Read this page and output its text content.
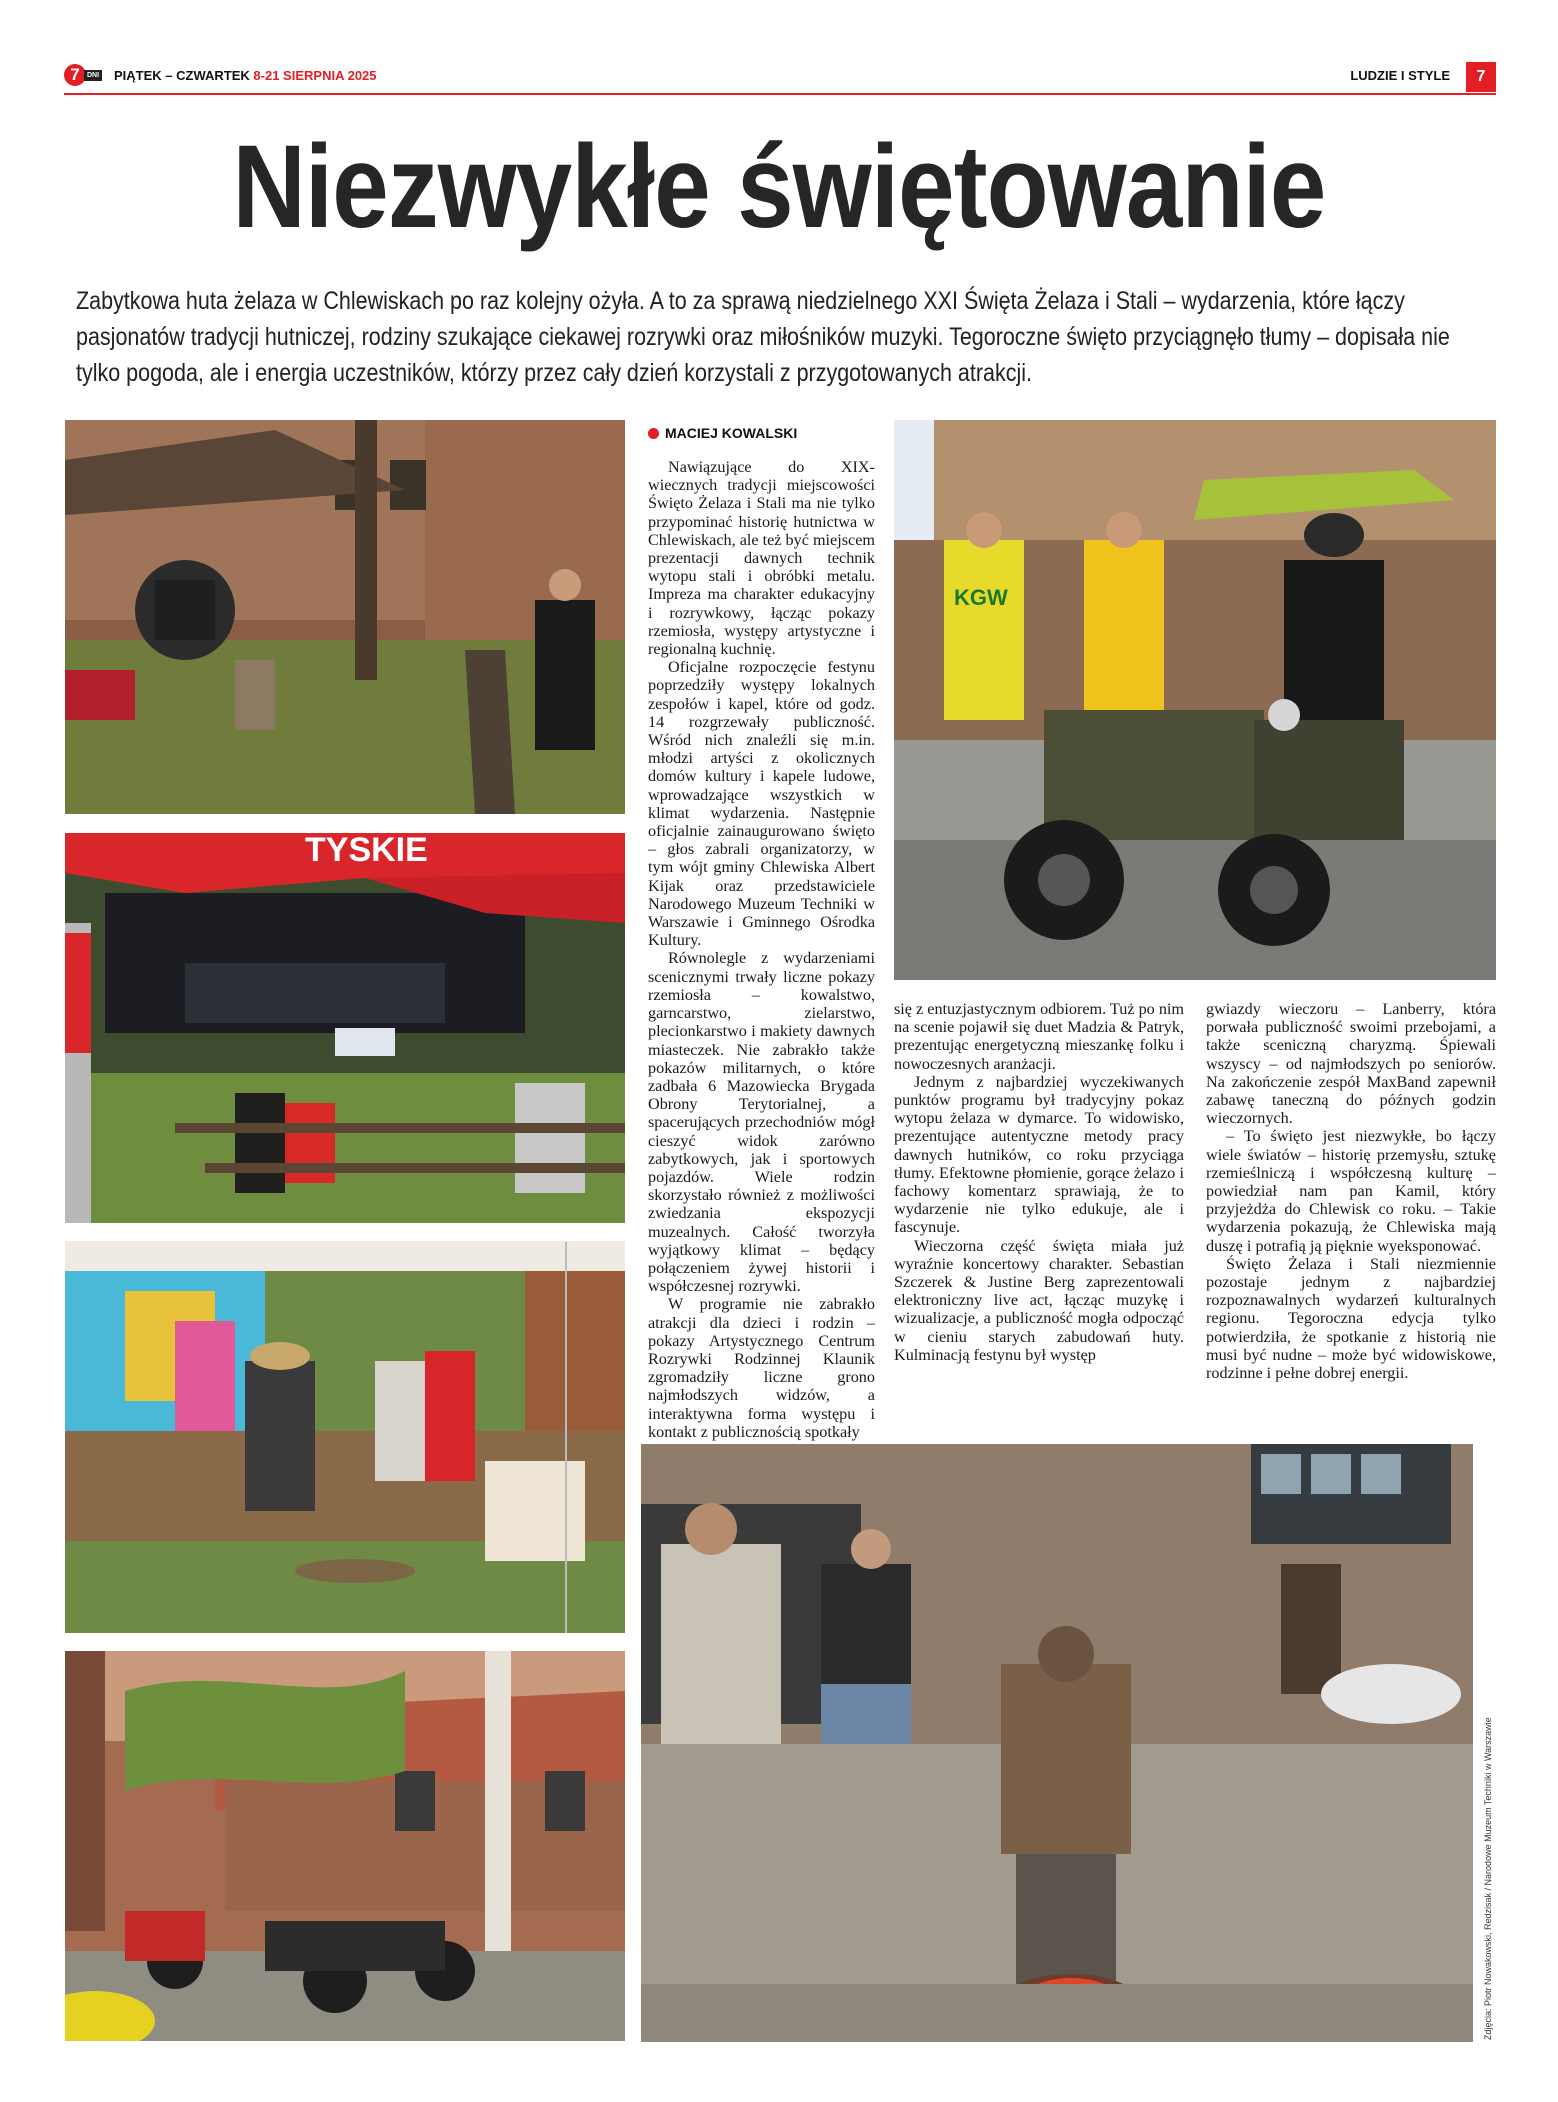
7	DNI PIĄTEK – CZWARTEK 8-21 SIERPNIA 2025	LUDZIE I STYLE	7
Niezwykłe świętowanie
Zabytkowa huta żelaza w Chlewiskach po raz kolejny ożyła. A to za sprawą niedzielnego XXI Święta Żelaza i Stali – wydarzenia, które łączy pasjonatów tradycji hutniczej, rodziny szukające ciekawej rozrywki oraz miłośników muzyki. Tegoroczne święto przyciągnęło tłumy – dopisała nie tylko pogoda, ale i energia uczestników, którzy przez cały dzień korzystali z przygotowanych atrakcji.
TYSKIE
KGW
MACIEJ KOWALSKI

Nawiązujące do XIX-wiecznych tradycji miejscowości Święto Żelaza i Stali ma nie tylko przypominać historię hutnictwa w Chlewiskach, ale też być miejscem prezentacji dawnych technik wytopu stali i obróbki metalu. Impreza ma charakter edukacyjny i rozrywkowy, łącząc pokazy rzemiosła, występy artystyczne i regionalną kuchnię.

Oficjalne rozpoczęcie festynu poprzedziły występy lokalnych zespołów i kapel, które od godz. 14 rozgrzewały publiczność. Wśród nich znaleźli się m.in. młodzi artyści z okolicznych domów kultury i kapele ludowe, wprowadzające wszystkich w klimat wydarzenia. Następnie oficjalnie zainaugurowano święto – głos zabrali organizatorzy, w tym wójt gminy Chlewiska Albert Kijak oraz przedstawiciele Narodowego Muzeum Techniki w Warszawie i Gminnego Ośrodka Kultury.

Równolegle z wydarzeniami scenicznymi trwały liczne pokazy rzemiosła – kowalstwo, garncarstwo, zielarstwo, plecionkarstwo i makiety dawnych miasteczek. Nie zabrakło także pokazów militarnych, o które zadbała 6 Mazowiecka Brygada Obrony Terytorialnej, a spacerujących przechodniów mógł cieszyć widok zarówno zabytkowych, jak i sportowych pojazdów. Wiele rodzin skorzystało również z możliwości zwiedzania ekspozycji muzealnych. Całość tworzyła wyjątkowy klimat – będący połączeniem żywej historii i współczesnej rozrywki.

W programie nie zabrakło atrakcji dla dzieci i rodzin – pokazy Artystycznego Centrum Rozrywki Rodzinnej Klaunik zgromadziły liczne grono najmłodszych widzów, a interaktywna forma występu i kontakt z publicznością spotkały

się z entuzjastycznym odbiorem. Tuż po nim na scenie pojawił się duet Madzia & Patryk, prezentując energetyczną mieszankę folku i nowoczesnych aranżacji.

Jednym z najbardziej wyczekiwanych punktów programu był tradycyjny pokaz wytopu żelaza w dymarce. To widowisko, prezentujące autentyczne metody pracy dawnych hutników, co roku przyciąga tłumy. Efektowne płomienie, gorące żelazo i fachowy komentarz sprawiają, że to wydarzenie nie tylko edukuje, ale i fascynuje.

Wieczorna część święta miała już wyraźnie koncertowy charakter. Sebastian Szczerek & Justine Berg zaprezentowali elektroniczny live act, łącząc muzykę i wizualizacje, a publiczność mogła odpocząć w cieniu starych zabudowań huty. Kulminacją festynu był występ

gwiazdy wieczoru – Lanberry, która porwała publiczność swoimi przebojami, a także sceniczną charyzmą. Śpiewali wszyscy – od najmłodszych po seniorów. Na zakończenie zespół MaxBand zapewnił zabawę taneczną do późnych godzin wieczornych.

– To święto jest niezwykłe, bo łączy wiele światów – historię przemysłu, sztukę rzemieślniczą i współczesną kulturę – powiedział nam pan Kamil, który przyjeżdża do Chlewisk co roku. – Takie wydarzenia pokazują, że Chlewiska mają duszę i potrafią ją pięknie wyeksponować.

Święto Żelaza i Stali niezmiennie pozostaje jednym z najbardziej rozpoznawalnych wydarzeń kulturalnych regionu. Tegoroczna edycja tylko potwierdziła, że spotkanie z historią nie musi być nudne – może być widowiskowe, rodzinne i pełne dobrej energii.

Zdjęcia: Piotr Nowakowski, Redzisak / Narodowe Muzeum Techniki w Warszawie
